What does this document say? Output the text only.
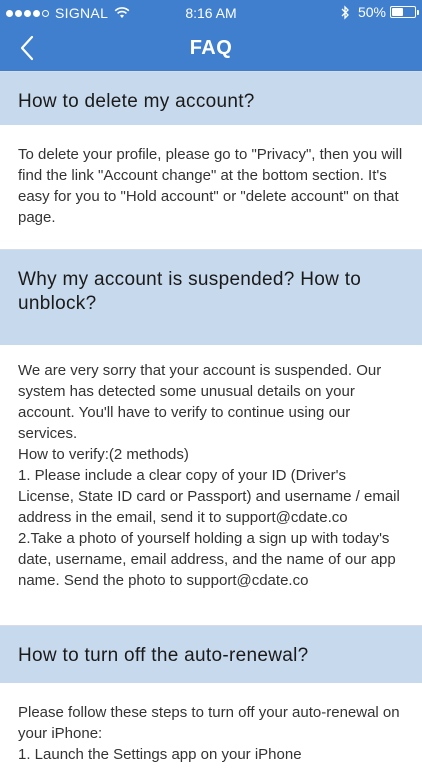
SIGNAL	8:16 AM	50%
FAQ
How to delete my account?
To delete your profile, please go to "Privacy", then you will find the link "Account change" at the bottom section. It's easy for you to "Hold account" or "delete account" on that page.
Why my account is suspended? How to unblock?
We are very sorry that your account is suspended. Our system has detected some unusual details on your account. You'll have to verify to continue using our services.
How to verify:(2 methods)
1. Please include a clear copy of your ID (Driver's License, State ID card or Passport) and username / email address in the email, send it to support@cdate.co
2.Take a photo of yourself holding a sign up with today's date, username, email address, and the name of our app name. Send the photo to support@cdate.co
How to turn off the auto-renewal?
Please follow these steps to turn off your auto-renewal on your iPhone:
1. Launch the Settings app on your iPhone
